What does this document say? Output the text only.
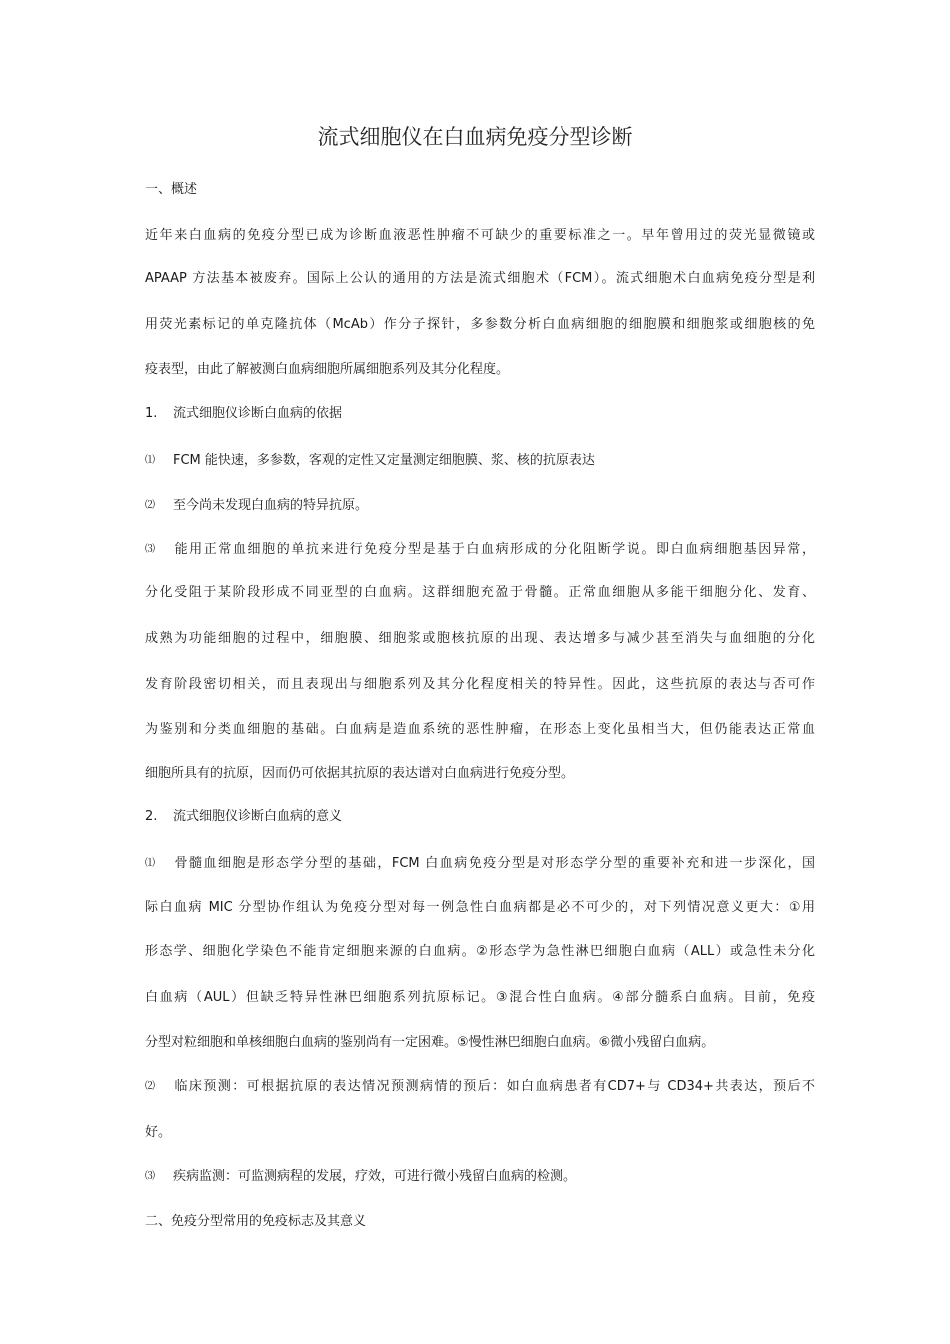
流式细胞仪在白血病免疫分型诊断
一、概述
近年来白血病的免疫分型已成为诊断血液恶性肿瘤不可缺少的重要标准之一。早年曾用过的荧光显微镜或
APAAP 方法基本被废弃。国际上公认的通用的方法是流式细胞术（FCM）。流式细胞术白血病免疫分型是利
用荧光素标记的单克隆抗体（McAb）作分子探针，多参数分析白血病细胞的细胞膜和细胞浆或细胞核的免
疫表型，由此了解被测白血病细胞所属细胞系列及其分化程度。
1. 流式细胞仪诊断白血病的依据
⑴ FCM 能快速，多参数，客观的定性又定量测定细胞膜、浆、核的抗原表达
⑵ 至今尚未发现白血病的特异抗原。
⑶ 能用正常血细胞的单抗来进行免疫分型是基于白血病形成的分化阻断学说。即白血病细胞基因异常，
分化受阻于某阶段形成不同亚型的白血病。这群细胞充盈于骨髓。正常血细胞从多能干细胞分化、发育、
成熟为功能细胞的过程中，细胞膜、细胞浆或胞核抗原的出现、表达增多与减少甚至消失与血细胞的分化
发育阶段密切相关，而且表现出与细胞系列及其分化程度相关的特异性。因此，这些抗原的表达与否可作
为鉴别和分类血细胞的基础。白血病是造血系统的恶性肿瘤，在形态上变化虽相当大，但仍能表达正常血
细胞所具有的抗原，因而仍可依据其抗原的表达谱对白血病进行免疫分型。
2. 流式细胞仪诊断白血病的意义
⑴ 骨髓血细胞是形态学分型的基础，FCM 白血病免疫分型是对形态学分型的重要补充和进一步深化，国
际白血病 MIC 分型协作组认为免疫分型对每一例急性白血病都是必不可少的，对下列情况意义更大：①用
形态学、细胞化学染色不能肯定细胞来源的白血病。②形态学为急性淋巴细胞白血病（ALL）或急性未分化
白血病（AUL）但缺乏特异性淋巴细胞系列抗原标记。③混合性白血病。④部分髓系白血病。目前，免疫
分型对粒细胞和单核细胞白血病的鉴别尚有一定困难。⑤慢性淋巴细胞白血病。⑥微小残留白血病。
⑵ 临床预测：可根据抗原的表达情况预测病情的预后：如白血病患者有CD7+与 CD34+共表达，预后不
好。
⑶ 疾病监测：可监测病程的发展，疗效，可进行微小残留白血病的检测。
二、免疫分型常用的免疫标志及其意义
